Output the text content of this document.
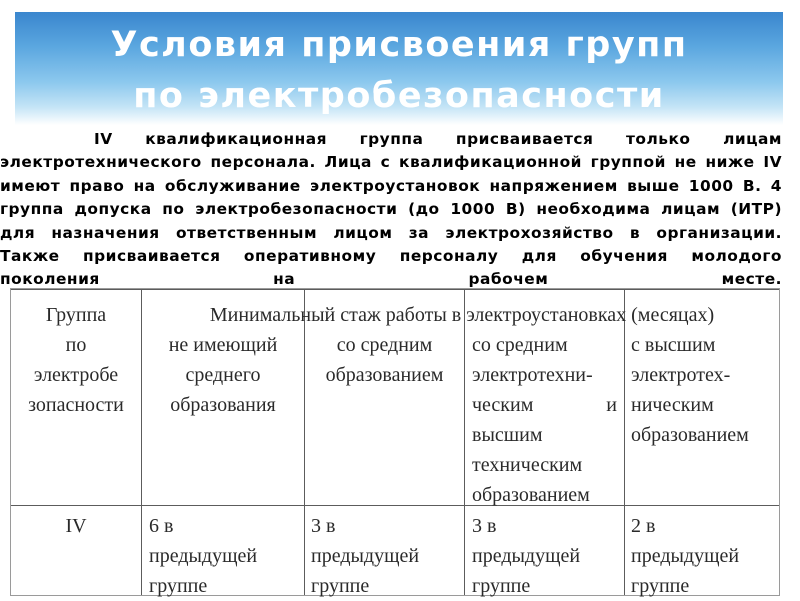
Условия присвоения групп
по электробезопасности
Группа
по
электробе
зопасности
Минимальный стаж работы в электроустановках (месяцах)
не имеющий
среднего
образования
со средним
образованием
со средним
электротехни-
ческим и
высшим
техническим
образованием
с высшим
электротех-
ническим
образованием
IV	6 в
предыдущей
группе
3 в
предыдущей
группе
3 в
предыдущей
группе
2 в
предыдущей
группе

IV квалификационная группа присваивается только лицам электротехнического персонала. Лица с квалификационной группой не ниже IV имеют право на обслуживание электроустановок напряжением выше 1000 В. 4 группа допуска по электробезопасности (до 1000 В) необходима лицам (ИТР) для назначения ответственным лицом за электрохозяйство в организации. Также присваивается оперативному персоналу для обучения молодого поколения на рабочем месте.
